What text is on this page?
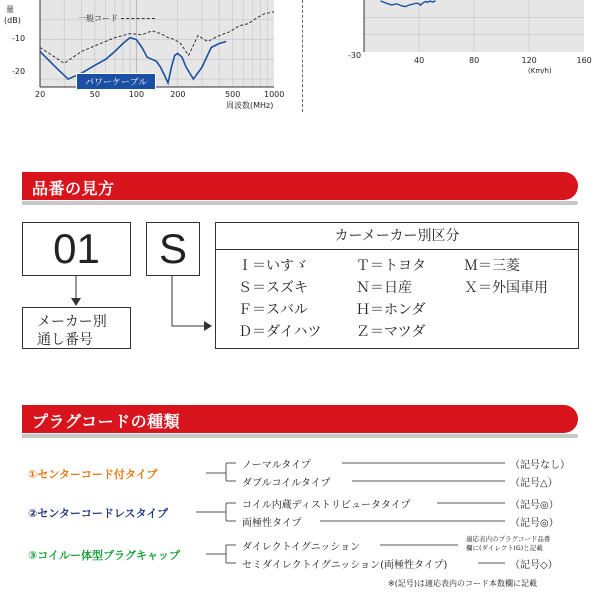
量
(dB)
-10
-20
20	50	100	200	500	1000
一般コード
パワーケーブル
周波数(MHz)
-30
40	80	120	160
(Km/h)
品番の見方
01	S
メーカー別
通し番号
カーメーカー別区分
Ｉ＝いすゞ	Ｔ＝トヨタ	Ｍ＝三菱
Ｓ＝スズキ	Ｎ＝日産	Ｘ＝外国車用
Ｆ＝スバル	Ｈ＝ホンダ
Ｄ＝ダイハツ Ｚ＝マツダ
プラグコードの種類
①センターコード付タイプ
②センターコードレスタイプ
③コイルー体型プラグキャップ
ノーマルタイプ
ダブルコイルタイプ
コイル内蔵ディストリビュータタイプ
両極性タイプ
ダイレクトイグニッション
セミダイレクトイグニッション(両極性タイプ)
（記号なし）
（記号△）
（記号◎）
（記号◎）
（記号◇）
適応表内のプラグコード品番
欄に(ダイレクトIG)と記載
※(記号)は適応表内のコード本数欄に記載
